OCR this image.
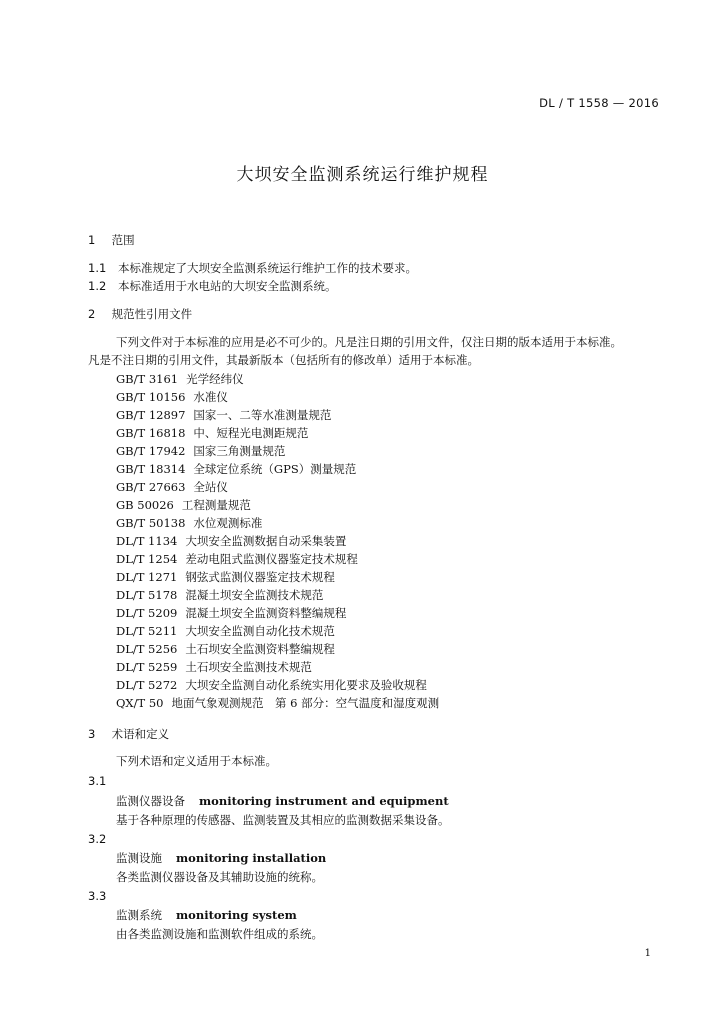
DL / T 1558 — 2016
大坝安全监测系统运行维护规程
1 范围
1.1 本标准规定了大坝安全监测系统运行维护工作的技术要求。
1.2 本标准适用于水电站的大坝安全监测系统。
2 规范性引用文件
下列文件对于本标准的应用是必不可少的。凡是注日期的引用文件，仅注日期的版本适用于本标准。
凡是不注日期的引用文件，其最新版本（包括所有的修改单）适用于本标准。
GB/T 3161 光学经纬仪
GB/T 10156 水准仪
GB/T 12897 国家一、二等水准测量规范
GB/T 16818 中、短程光电测距规范
GB/T 17942 国家三角测量规范
GB/T 18314 全球定位系统（GPS）测量规范
GB/T 27663 全站仪
GB 50026 工程测量规范
GB/T 50138 水位观测标准
DL/T 1134 大坝安全监测数据自动采集装置
DL/T 1254 差动电阻式监测仪器鉴定技术规程
DL/T 1271 钢弦式监测仪器鉴定技术规程
DL/T 5178 混凝土坝安全监测技术规范
DL/T 5209 混凝土坝安全监测资料整编规程
DL/T 5211 大坝安全监测自动化技术规范
DL/T 5256 土石坝安全监测资料整编规程
DL/T 5259 土石坝安全监测技术规范
DL/T 5272 大坝安全监测自动化系统实用化要求及验收规程
QX/T 50 地面气象观测规范　第 6 部分：空气温度和湿度观测
3 术语和定义
下列术语和定义适用于本标准。
3.1
监测仪器设备 monitoring instrument and equipment
基于各种原理的传感器、监测装置及其相应的监测数据采集设备。
3.2
监测设施 monitoring installation
各类监测仪器设备及其辅助设施的统称。
3.3
监测系统 monitoring system
由各类监测设施和监测软件组成的系统。
1
